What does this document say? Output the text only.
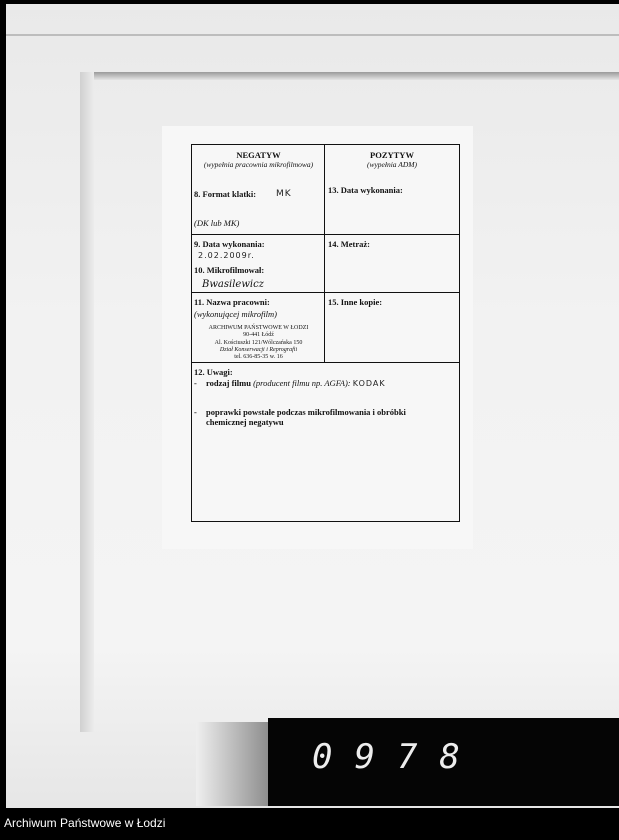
NEGATYW
(wypełnia pracownia mikrofilmowa)
8. Format klatki: MK
(DK lub MK)
POZYTYW
(wypełnia ADM)
13. Data wykonania:
9. Data wykonania:
2.02.2009r.
10. Mikrofilmował:
Bwasilewicz
14. Metraż:
11. Nazwa pracowni:
(wykonującej mikrofilm)
ARCHIWUM PAŃSTWOWE W ŁODZI
90-441 Łódź
Al. Kościuszki 121/Wólczańska 150
Dział Konserwacji i Reprografii
tel. 636-85-35 w. 16
15. Inne kopie:
12. Uwagi:
- rodzaj filmu (producent filmu np. AGFA): KODAK
- poprawki powstałe podczas mikrofilmowania i obróbki chemicznej negatywu
0978
Archiwum Państwowe w Łodzi
